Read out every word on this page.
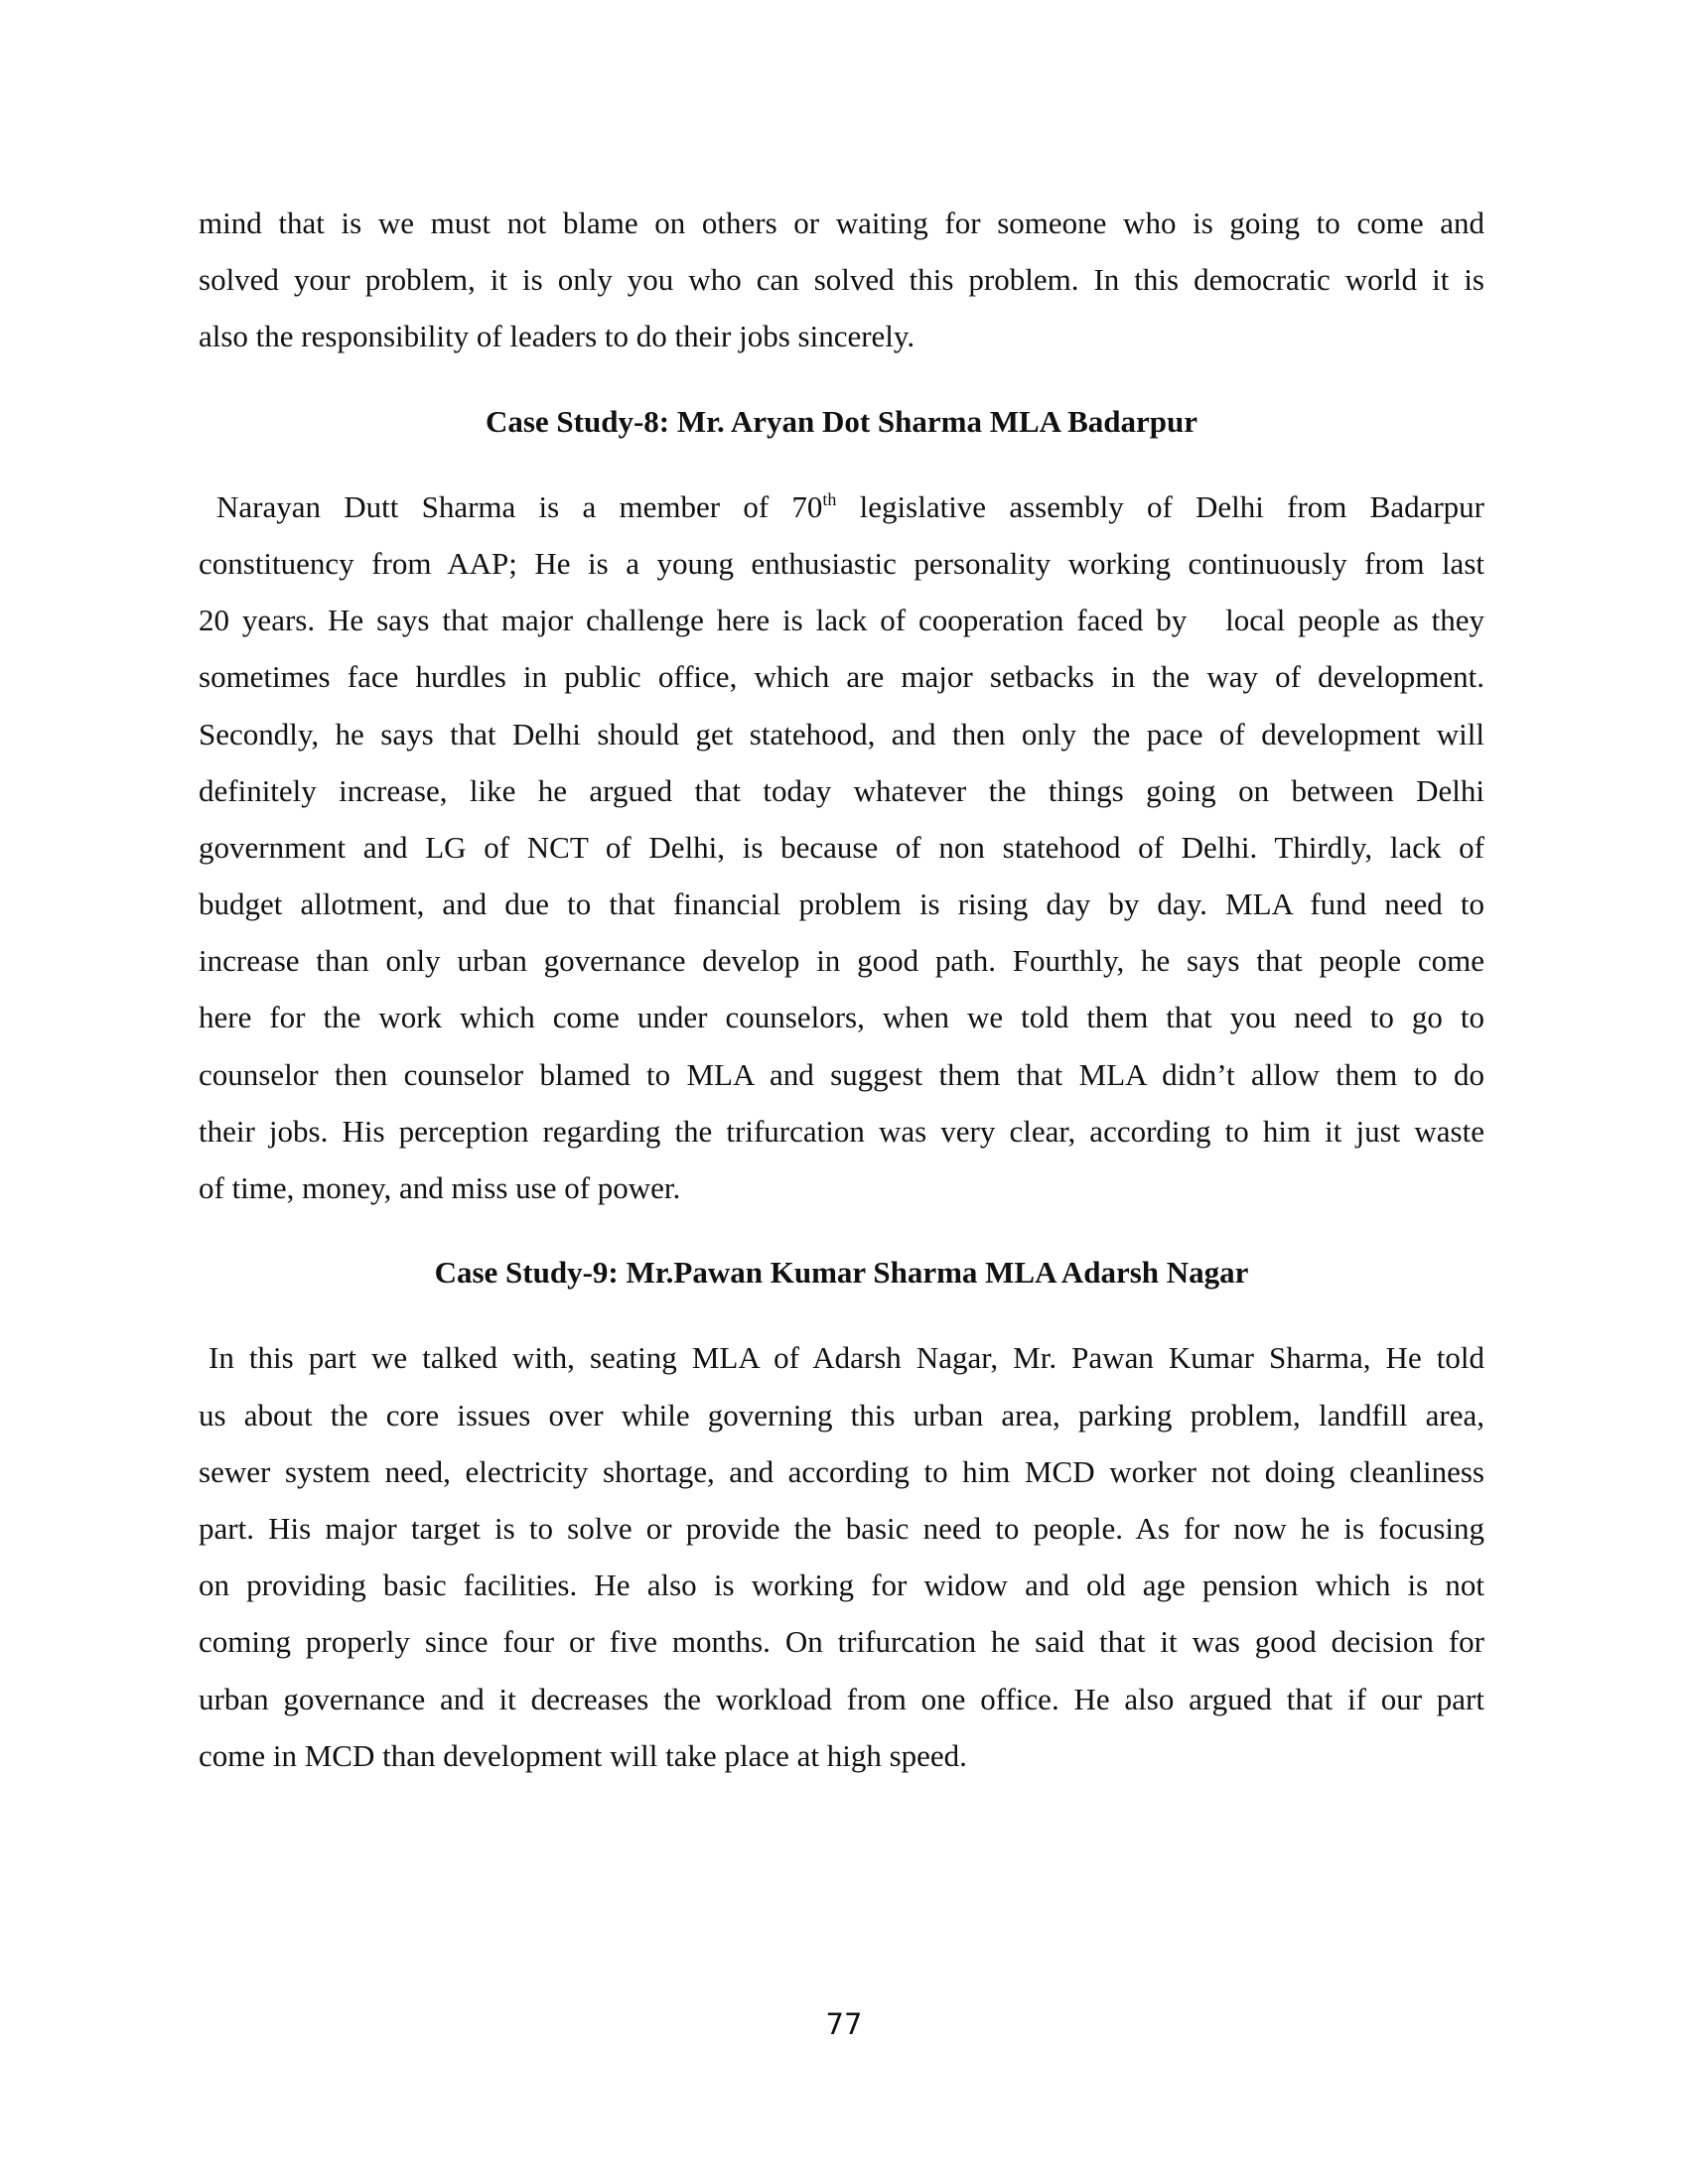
mind that is we must not blame on others or waiting for someone who is going to come and
solved your problem, it is only you who can solved this problem. In this democratic world it is
also the responsibility of leaders to do their jobs sincerely.
Case Study-8: Mr. Aryan Dot Sharma MLA Badarpur
Narayan Dutt Sharma is a member of 70th legislative assembly of Delhi from Badarpur
constituency from AAP; He is a young enthusiastic personality working continuously from last
20 years. He says that major challenge here is lack of cooperation faced by   local people as they
sometimes face hurdles in public office, which are major setbacks in the way of development.
Secondly, he says that Delhi should get statehood, and then only the pace of development will
definitely increase, like he argued that today whatever the things going on between Delhi
government and LG of NCT of Delhi, is because of non statehood of Delhi. Thirdly, lack of
budget allotment, and due to that financial problem is rising day by day. MLA fund need to
increase than only urban governance develop in good path. Fourthly, he says that people come
here for the work which come under counselors, when we told them that you need to go to
counselor then counselor blamed to MLA and suggest them that MLA didn’t allow them to do
their jobs. His perception regarding the trifurcation was very clear, according to him it just waste
of time, money, and miss use of power.
Case Study-9: Mr.Pawan Kumar Sharma MLA Adarsh Nagar
In this part we talked with, seating MLA of Adarsh Nagar, Mr. Pawan Kumar Sharma, He told
us about the core issues over while governing this urban area, parking problem, landfill area,
sewer system need, electricity shortage, and according to him MCD worker not doing cleanliness
part. His major target is to solve or provide the basic need to people. As for now he is focusing
on providing basic facilities. He also is working for widow and old age pension which is not
coming properly since four or five months. On trifurcation he said that it was good decision for
urban governance and it decreases the workload from one office. He also argued that if our part
come in MCD than development will take place at high speed.
77
